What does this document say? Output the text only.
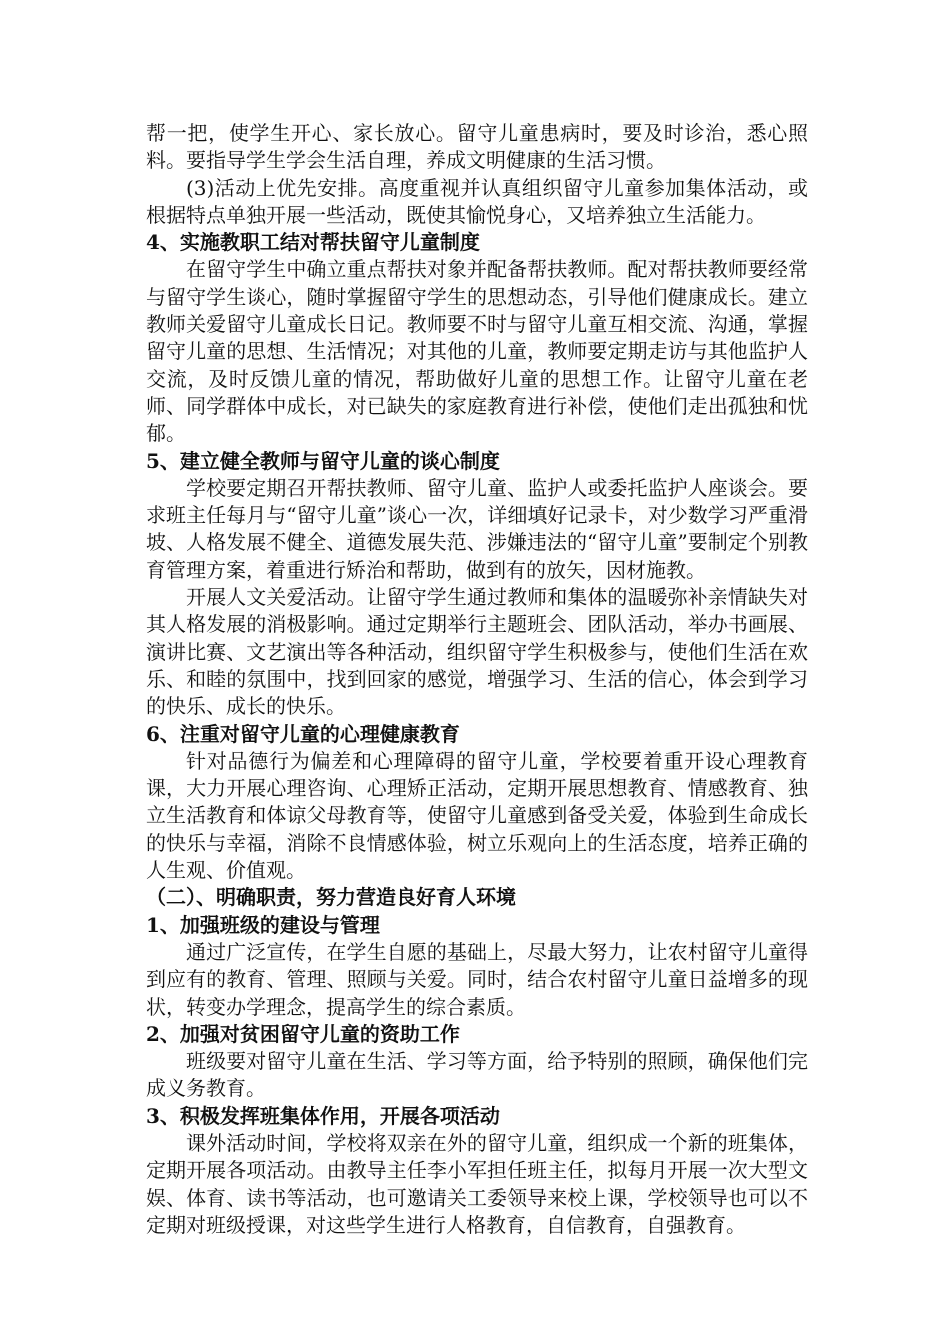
帮一把，使学生开心、家长放心。留守儿童患病时，要及时诊治，悉心照料。要指导学生学会生活自理，养成文明健康的生活习惯。

(3)活动上优先安排。高度重视并认真组织留守儿童参加集体活动，或根据特点单独开展一些活动，既使其愉悦身心，又培养独立生活能力。

4、实施教职工结对帮扶留守儿童制度

在留守学生中确立重点帮扶对象并配备帮扶教师。配对帮扶教师要经常与留守学生谈心，随时掌握留守学生的思想动态，引导他们健康成长。建立教师关爱留守儿童成长日记。教师要不时与留守儿童互相交流、沟通，掌握留守儿童的思想、生活情况；对其他的儿童，教师要定期走访与其他监护人交流，及时反馈儿童的情况，帮助做好儿童的思想工作。让留守儿童在老师、同学群体中成长，对已缺失的家庭教育进行补偿，使他们走出孤独和忧郁。

5、建立健全教师与留守儿童的谈心制度

学校要定期召开帮扶教师、留守儿童、监护人或委托监护人座谈会。要求班主任每月与“留守儿童”谈心一次，详细填好记录卡，对少数学习严重滑坡、人格发展不健全、道德发展失范、涉嫌违法的“留守儿童”要制定个别教育管理方案，着重进行矫治和帮助，做到有的放矢，因材施教。

开展人文关爱活动。让留守学生通过教师和集体的温暖弥补亲情缺失对其人格发展的消极影响。通过定期举行主题班会、团队活动，举办书画展、演讲比赛、文艺演出等各种活动，组织留守学生积极参与，使他们生活在欢乐、和睦的氛围中，找到回家的感觉，增强学习、生活的信心，体会到学习的快乐、成长的快乐。

6、注重对留守儿童的心理健康教育

针对品德行为偏差和心理障碍的留守儿童，学校要着重开设心理教育课，大力开展心理咨询、心理矫正活动，定期开展思想教育、情感教育、独立生活教育和体谅父母教育等，使留守儿童感到备受关爱，体验到生命成长的快乐与幸福，消除不良情感体验，树立乐观向上的生活态度，培养正确的人生观、价值观。

（二）、明确职责，努力营造良好育人环境

1、加强班级的建设与管理

通过广泛宣传，在学生自愿的基础上，尽最大努力，让农村留守儿童得到应有的教育、管理、照顾与关爱。同时，结合农村留守儿童日益增多的现状，转变办学理念，提高学生的综合素质。

2、加强对贫困留守儿童的资助工作

班级要对留守儿童在生活、学习等方面，给予特别的照顾，确保他们完成义务教育。

3、积极发挥班集体作用，开展各项活动

课外活动时间，学校将双亲在外的留守儿童，组织成一个新的班集体，定期开展各项活动。由教导主任李小军担任班主任，拟每月开展一次大型文娱、体育、读书等活动，也可邀请关工委领导来校上课，学校领导也可以不定期对班级授课，对这些学生进行人格教育，自信教育，自强教育。
